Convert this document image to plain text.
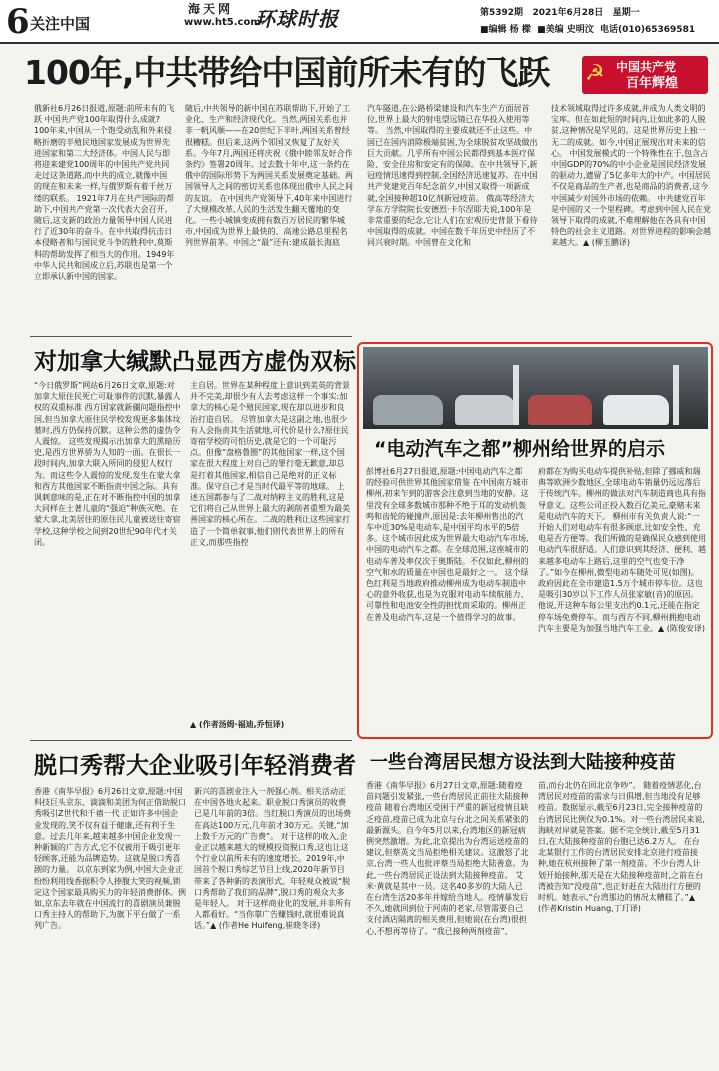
6 关注中国
海天网
www.ht5.com
环球时报	第5392期 2021年6月28日 星期一
■编辑 杨 樑 ■美编 史明汶 电话(010)65369581
100年,中共带给中国前所未有的飞跃 ☭ 中国共产党
百年辉煌
俄新社6月26日报道,原题:前所未有的飞跃 中国共产党100年取得什么成就? 100年来,中国从一个饱受动乱和外来侵略折磨的半殖民地国家发展成为世界先进国家和第二大经济体。中国人民与即将迎来建党100周年的中国共产党共同走过这条道路,而中共的成立,就像中国的现在和未来一样,与俄罗斯有着千丝万缕的联系。 1921年7月在共产国际的帮助下,中国共产党第一次代表大会召开。随后,这支新的政治力量领导中国人民进行了近30年的奋斗。在中共取得抗击日本侵略者和与国民党斗争的胜利中,莫斯科的帮助发挥了相当大的作用。1949年中华人民共和国成立后,苏联也是第一个立即承认新中国的国家。
随后,中共领导的新中国在苏联帮助下,开始了工业化、生产和经济现代化。当然,两国关系也并非一帆风顺——在20世纪下半叶,两国关系曾经很糟糕。但后来,这两个邻国又恢复了友好关系。今年7月,两国还将庆祝《俄中睦邻友好合作条约》签署20周年。过去数十年中,这一条约在俄中的国际形势下为两国关系发展奠定基础。两国领导人之间的密切关系也体现出俄中人民之间的友谊。 在中国共产党领导下,40年来中国进行了大规模改革,人民的生活发生翻天覆地的变化。一些小城镇变成拥有数百万居民的繁华城市,中国成为世界上最快的、高速公路总里程名列世界前茅。中国之“最”还有:建成最长海底
汽车隧道,在公路桥梁建设和汽车生产方面居首位,世界上最大的射电望远镜已在华投入使用等等。 当然,中国取得的主要成就还不止这些。中国已在国内消除极端贫困,为全球脱贫攻坚战做出巨大贡献。几乎所有中国公民都得到基本医疗保险、安全住房和安定有的保障。在中共领导下,新冠疫情迅速得到控制,全国经济迅速复苏。在中国共产党建党百年纪念前夕,中国又取得一项新成就,全国接种超10亿剂新冠疫苗。 俄高等经济大学东方学院院长安德烈·卡尔涅耶夫说,100年是非常重要的纪念,它让人们在宏观历史背景下看待中国取得的成就。中国在数千年历史中经历了不同兴衰时期。中国曾在文化和
技术领域取得过许多成就,并成为人类文明的宝库。但在如此短的时间内,让如此多的人脱贫,这种情况是罕见的。这是世界历史上独一无二的成就。如今,中国正展现出对未来的信心。 中国发展模式的一个特殊性在于,包含占中国GDP的70%的中小企业是国民经济发展的驱动力,遗留了5亿多年大的中产。中国居民不仅是商品的生产者,也是商品的消费者,这今中国减少对国外市场的依赖。 中共建党百年是中国的又一个里程碑。考虑到中国人民在党领导下取得的成就,不难理解他在各具有中国特色的社会主义道路。对世界进程的影响会越来越大。▲ (柳玉鹏译)
对加拿大缄默凸显西方虚伪双标
“今日俄罗斯”网站6月26日文章,原题:对加拿大原住民死亡可耻事件的沉默,暴露人权的双重标准 西方国家就新疆问题指控中国,但当加拿大原住民学校发现更多集体坟墓时,西方仍保持沉默。这种公然的虚伪令人震惊。 这些发现揭示出加拿大的黑暗历史,是西方世界骄为人知的一面。在很长一段时间内,加拿大联入所同的侵犯人权行为。而这些令人震惊的发现,发生在蒙大拿和西方其他国家不断指责中国之际。具有讽刺意味的是,正在对不断指控中国的加拿大同样在土著儿童的“强迫”种族灭绝。在蒙大拿,北美居住的原住民儿童被送往寄宿学校,这种学校之间到20世纪90年代才关闭。
主自居。世界在某种程度上意识到美英的背景并不完美,却很少有人去考虑这样一个事实:加拿大的核心是个殖民国家,现在却以进步和良治打造自居。 尽管加拿大是这副之地,也很少有人会指责其生活就地,可代价是什么?原住民寄宿学校的可怕历史,就是它的一个可耻污点。但像“盘格鲁圈”的其他国家一样,这个国家在很大程度上对自己的罪行毫无歉意,却总是打着其他国家,相信自己是绝对的正义标准。保守自己才是当时代最平等的地球。 上述五国都参与了二战对纳粹主义的胜利,这是它们将自己从世界上最大的剥削者重塑为最美善国家的核心所在。二战的胜利让这些国家打造了一个简单叙事,他们则代表世界上的所有正义,而那些指控
▲ (作者汤姆·福迪,乔恒译)
“电动汽车之都”柳州给世界的启示
彭博社6月27日报道,原题:中国电动汽车之都的经验可供世界其他国家借鉴 在中国南方城市柳州,初来乍到的游客会注意到当地的安静。这里没有全球多数城市那种不绝于耳的发动机轰鸣和齿轮的碰撞声,原因是:去年柳州售出的汽车中近30%是电动车,是中国平均水平的5倍多。这个城市因此成为世界最大电动汽车市场,中国的电动汽车之都。在全球范围,这座城市的电动车普及率仅次于奥斯陆。不仅如此,柳州的空气和水的质量在中国也是最好之一。 这个绿色红利是当地政府推动柳州成为电动车制造中心的意外收获,也是为克服对电动车续航能力、可靠性和电池安全性的担忧而采取的。柳州正在普及电动汽车,这是一个值得学习的故事。
府都在为购买电动车提供补贴,但除了挪威和瑞典等欧洲少数地区,全球电动车销量仍远远落后于传统汽车。柳州的做法对汽车制造商也具有指导意义。这些公司正投入数百亿美元,豪赌未来是电动汽车的天下。 柳州市有关负责人说:“一开始人们对电动车有很多顾虑,比如安全性、充电是否方便等。我们所做的是确保民众感到使用电动汽车很舒适。人们意识到其经济、便利、越来越多电动车上路后,这里的空气也变干净了。”如今在柳州,微型电动车随处可见(如图)。政府因此在全市建造1.5万个城市停车位。这也是吸引30岁以下工作人员张家敏(音)的原因。他说,开这种车每公里支出约0.1元,还能在指定停车场免费停车。而与西方不同,柳州拥抱电动汽车主要是为加强当地汽车工业。▲ (陈俊安译)
脱口秀帮大企业吸引年轻消费者
香港《南华早报》6月26日文章,原题:中国科技巨头京东、滴滴和美团为何正借助脱口秀吸引Z世代和千禧一代 正如许多中国企业发现的,笑不仅有益于健康,还有利于生意。过去几年来,越来越多中国企业发现一种新颖的广告方式,它不仅被用于吸引更年轻顾客,还能为品牌造势。这就是脱口秀喜剧的力量。 以京东到家为例,中国大企业正纷纷利用线香据积令人捧腹大笑的视频,锁定这个国家最具购买力的年轻消费群体。例如,京东去年就在中国流行的喜剧演员兼脱口秀主持人的帮助下,为旗下平台做了一系列广告。
新兴的喜剧业注入一剂强心剂。相关活动正在中国各地火起来。职业脱口秀演员的收费已是几年前的3倍。当红脱口秀演员的出场费在高达100万元,几年前才30万元。关键,“加上数千万元的广告费”。 对于这样的收入,企业正以越来越大的规模投资脱口秀,这也让这个行业以前所未有的速度增长。2019年,中国首个脱口秀综艺节目上线,2020年新节目带来了各种新的表演形式。年轻观众被说“脱口秀帮助了我们的品牌”,脱口秀的观众大多是年轻人。 对于这样商业化的发展,并非所有人都看好。“当你靠广告赚钱时,就很难说真话。”▲ (作者He Huifeng,崔晓冬译)
一些台湾居民想方设法到大陆接种疫苗
香港《南华早报》6月27日文章,原题:随着疫苗问题引发紧张,一些台湾居民正前往大陆接种疫苗 随着台湾地区受困于严重的新冠疫情且缺乏疫苗,疫苗已成为北京与台北之间关系紧张的最新源头。自今年5月以来,台湾地区的新冠病例突然激增。为此,北京提出为台湾运送疫苗的建议,但蔡英文当局拒绝相关建议。这激怒了北京,台湾一些人也批评蔡当局拒绝大陆善意。为此,一些台湾居民正设法到大陆接种疫苗。 艾米·黄就是其中一员。这名40多岁的大陆人已在台湾生活20多年并嫁给当地人。疫情暴发后不久,她就回到位于河南的老家,尽管需要自己支付酒店隔离的相关费用,但她说(在台湾)很担心,不想再等待了。“我已接种两剂疫苗”,
苗,而台北仍在回北京争吵”。 随着疫情恶化,台湾居民对疫苗的需求与日俱增,但当地没有足够疫苗。数据显示,截至6月23日,完全接种疫苗的台湾居民比例仅为0.1%。对一些台湾居民来说,海峡对岸就是答案。据不完全统计,截至5月31日,在大陆接种疫苗的台胞已达6.2万人。 在台北某银行工作的台湾居民安排北京进行疫苗接种,她在杭州接种了第一剂疫苗。不少台湾人计划开始接种,那天是在大陆接种疫苗时,之前在台湾被告知“没疫苗”,也正好赶在大陆出行方便的时机。她表示,“台湾那边的情况太糟糕了。”▲ (作者Kristin Huang,丁玎译)
